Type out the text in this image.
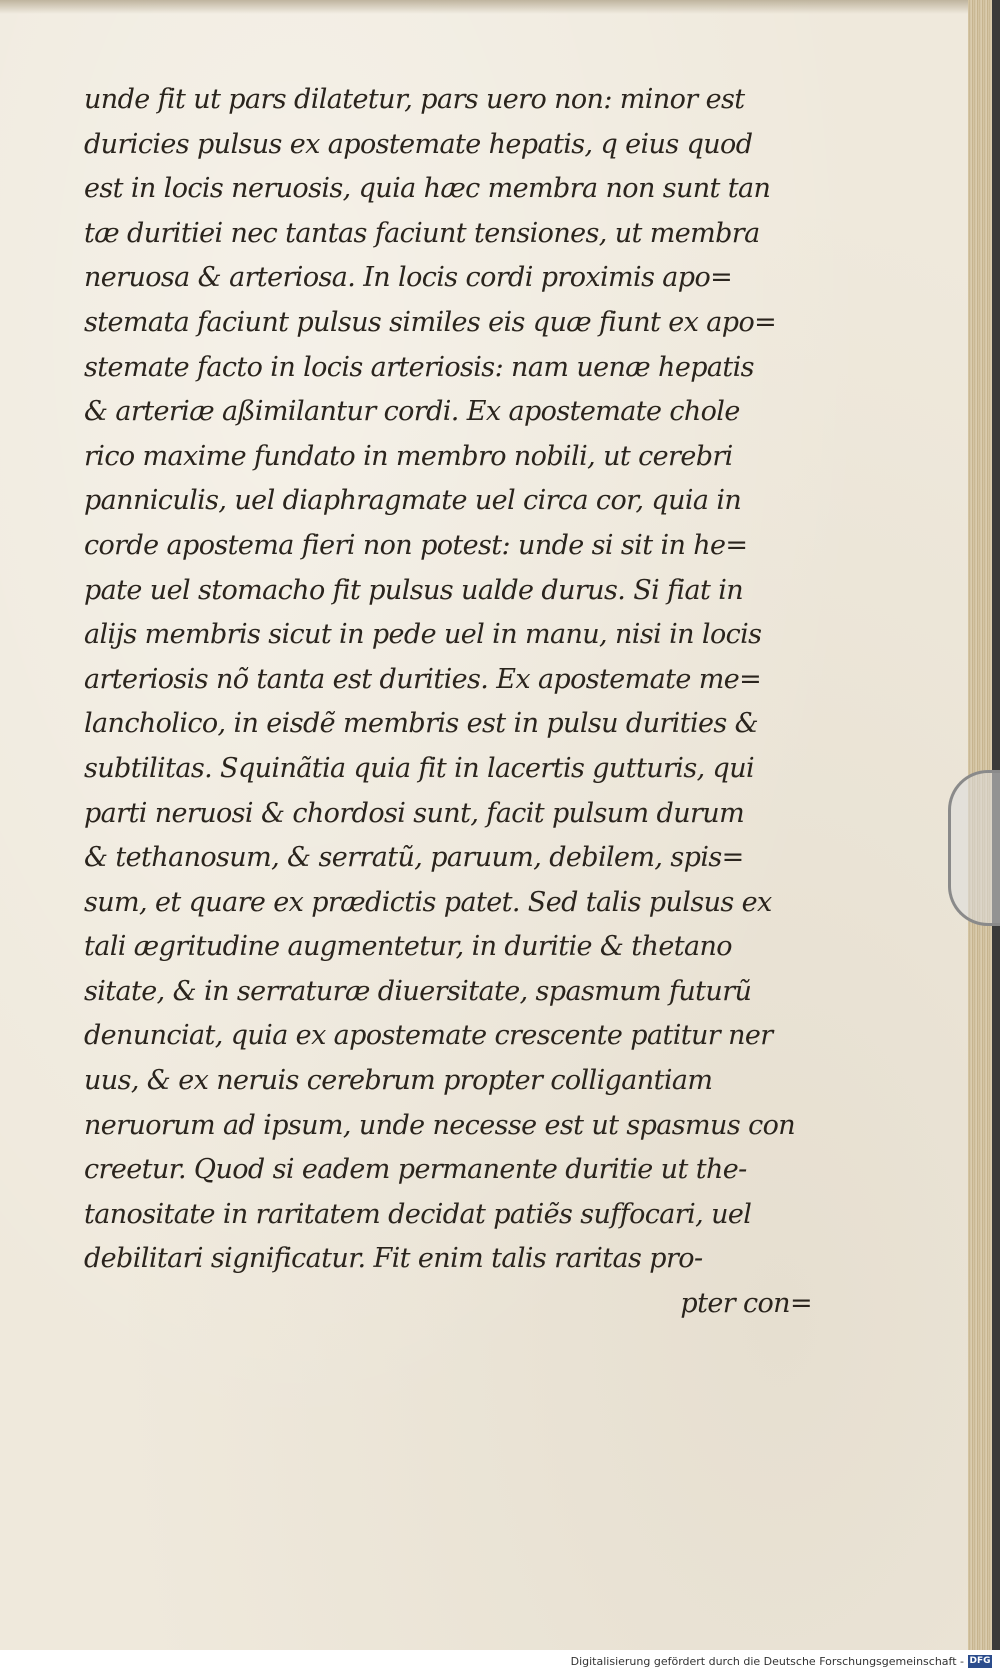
unde fit ut pars dilatetur, pars uero non: minor est
duricies pulsus ex apostemate hepatis, q eius quod
est in locis neruosis, quia hæc membra non sunt tan
tæ duritiei nec tantas faciunt tensiones, ut membra
neruosa & arteriosa. In locis cordi proximis apo=
stemata faciunt pulsus similes eis quæ fiunt ex apo=
stemate facto in locis arteriosis: nam uenæ hepatis
& arteriæ aßimilantur cordi. Ex apostemate chole
rico maxime fundato in membro nobili, ut cerebri
panniculis, uel diaphragmate uel circa cor, quia in
corde apostema fieri non potest: unde si sit in he=
pate uel stomacho fit pulsus ualde durus. Si fiat in
alijs membris sicut in pede uel in manu, nisi in locis
arteriosis nõ tanta est durities. Ex apostemate me=
lancholico, in eisdẽ membris est in pulsu durities &
subtilitas. Squinãtia quia fit in lacertis gutturis, qui
parti neruosi & chordosi sunt, facit pulsum durum
& tethanosum, & serratũ, paruum, debilem, spis=
sum, et quare ex prædictis patet. Sed talis pulsus ex
tali ægritudine augmentetur, in duritie & thetano
sitate, & in serraturæ diuersitate, spasmum futurũ
denunciat, quia ex apostemate crescente patitur ner
uus, & ex neruis cerebrum propter colligantiam
neruorum ad ipsum, unde necesse est ut spasmus con
creetur. Quod si eadem permanente duritie ut the-
tanositate in raritatem decidat patiẽs suffocari, uel
debilitari significatur. Fit enim talis raritas pro-
pter con=
Digitalisierung gefördert durch die Deutsche Forschungsgemeinschaft - DFG
